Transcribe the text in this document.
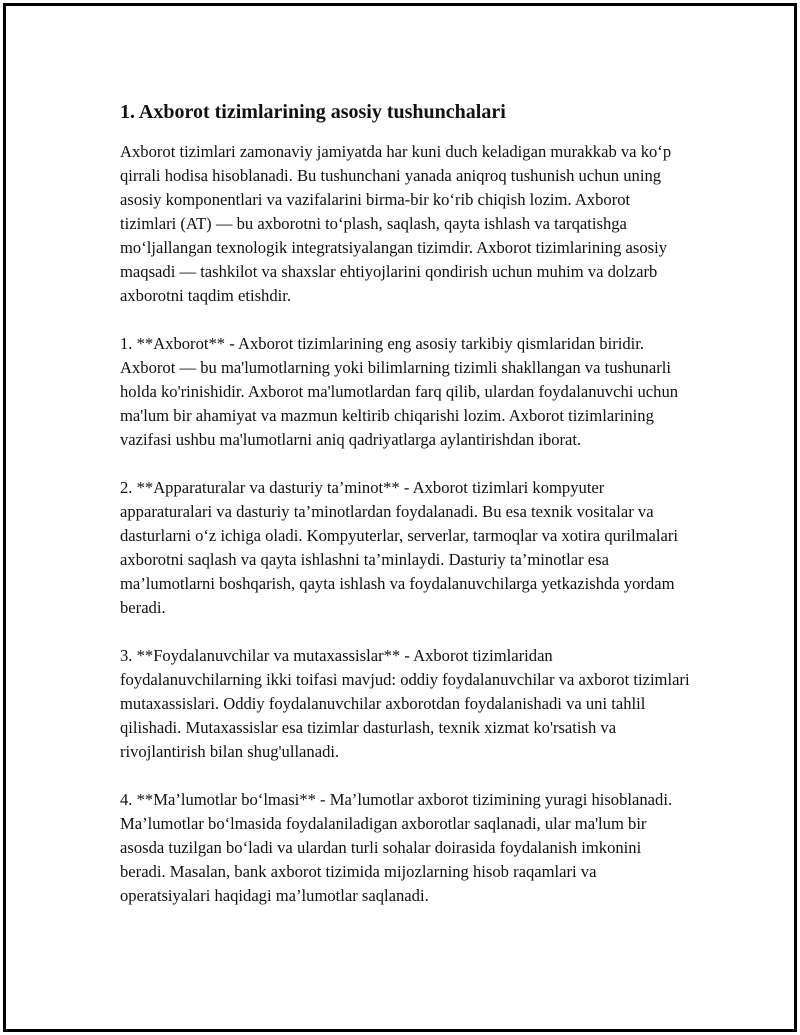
1. Axborot tizimlarining asosiy tushunchalari

Axborot tizimlari zamonaviy jamiyatda har kuni duch keladigan murakkab va ko‘p qirrali hodisa hisoblanadi. Bu tushunchani yanada aniqroq tushunish uchun uning asosiy komponentlari va vazifalarini birma-bir ko‘rib chiqish lozim. Axborot tizimlari (AT) — bu axborotni to‘plash, saqlash, qayta ishlash va tarqatishga mo‘ljallangan texnologik integratsiyalangan tizimdir. Axborot tizimlarining asosiy maqsadi — tashkilot va shaxslar ehtiyojlarini qondirish uchun muhim va dolzarb axborotni taqdim etishdir.

1. **Axborot** - Axborot tizimlarining eng asosiy tarkibiy qismlaridan biridir. Axborot — bu ma'lumotlarning yoki bilimlarning tizimli shakllangan va tushunarli holda ko'rinishidir. Axborot ma'lumotlardan farq qilib, ulardan foydalanuvchi uchun ma'lum bir ahamiyat va mazmun keltirib chiqarishi lozim. Axborot tizimlarining vazifasi ushbu ma'lumotlarni aniq qadriyatlarga aylantirishdan iborat.

2. **Apparaturalar va dasturiy ta’minot** - Axborot tizimlari kompyuter apparaturalari va dasturiy ta’minotlardan foydalanadi. Bu esa texnik vositalar va dasturlarni o‘z ichiga oladi. Kompyuterlar, serverlar, tarmoqlar va xotira qurilmalari axborotni saqlash va qayta ishlashni ta’minlaydi. Dasturiy ta’minotlar esa ma’lumotlarni boshqarish, qayta ishlash va foydalanuvchilarga yetkazishda yordam beradi.

3. **Foydalanuvchilar va mutaxassislar** - Axborot tizimlaridan foydalanuvchilarning ikki toifasi mavjud: oddiy foydalanuvchilar va axborot tizimlari mutaxassislari. Oddiy foydalanuvchilar axborotdan foydalanishadi va uni tahlil qilishadi. Mutaxassislar esa tizimlar dasturlash, texnik xizmat ko'rsatish va rivojlantirish bilan shug'ullanadi.

4. **Ma’lumotlar bo‘lmasi** - Ma’lumotlar axborot tizimining yuragi hisoblanadi. Ma’lumotlar bo‘lmasida foydalaniladigan axborotlar saqlanadi, ular ma'lum bir asosda tuzilgan bo‘ladi va ulardan turli sohalar doirasida foydalanish imkonini beradi. Masalan, bank axborot tizimida mijozlarning hisob raqamlari va operatsiyalari haqidagi ma’lumotlar saqlanadi.
